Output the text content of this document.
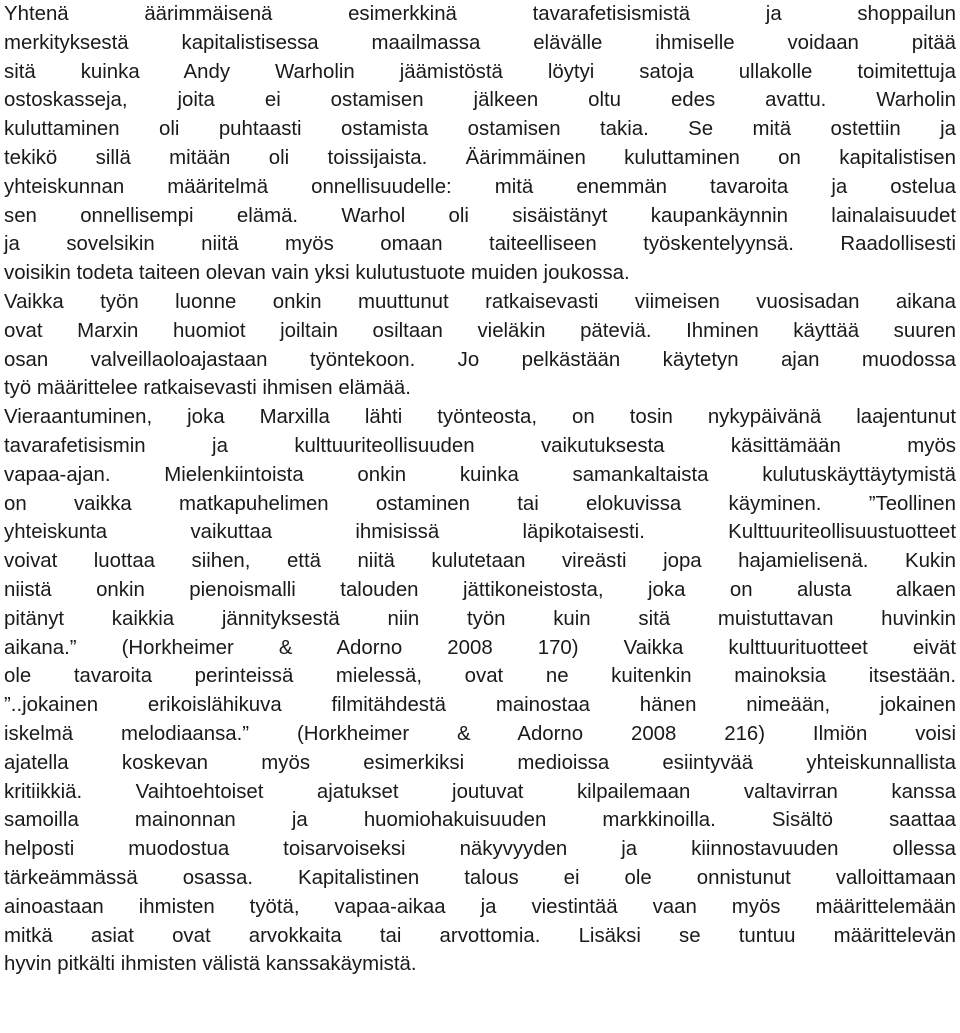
Yhtenä äärimmäisenä esimerkkinä tavarafetisismistä ja shoppailun
merkityksestä kapitalistisessa maailmassa elävälle ihmiselle voidaan pitää
sitä kuinka Andy Warholin jäämistöstä löytyi satoja ullakolle toimitettuja
ostoskasseja, joita ei ostamisen jälkeen oltu edes avattu. Warholin
kuluttaminen oli puhtaasti ostamista ostamisen takia. Se mitä ostettiin ja
tekikö sillä mitään oli toissijaista. Äärimmäinen kuluttaminen on kapitalistisen
yhteiskunnan määritelmä onnellisuudelle: mitä enemmän tavaroita ja ostelua
sen onnellisempi elämä. Warhol oli sisäistänyt kaupankäynnin lainalaisuudet
ja sovelsikin niitä myös omaan taiteelliseen työskentelyynsä. Raadollisesti
voisikin todeta taiteen olevan vain yksi kulutustuote muiden joukossa.
Vaikka työn luonne onkin muuttunut ratkaisevasti viimeisen vuosisadan aikana
ovat Marxin huomiot joiltain osiltaan vieläkin päteviä. Ihminen käyttää suuren
osan valveillaoloajastaan työntekoon. Jo pelkästään käytetyn ajan muodossa
työ määrittelee ratkaisevasti ihmisen elämää.
Vieraantuminen, joka Marxilla lähti työnteosta, on tosin nykypäivänä laajentunut
tavarafetisismin ja kulttuuriteollisuuden vaikutuksesta käsittämään myös
vapaa-ajan. Mielenkiintoista onkin kuinka samankaltaista kulutuskäyttäytymistä
on vaikka matkapuhelimen ostaminen tai elokuvissa käyminen. ”Teollinen
yhteiskunta vaikuttaa ihmisissä läpikotaisesti. Kulttuuriteollisuustuotteet
voivat luottaa siihen, että niitä kulutetaan vireästi jopa hajamielisenä. Kukin
niistä onkin pienoismalli talouden jättikoneistosta, joka on alusta alkaen
pitänyt kaikkia jännityksestä niin työn kuin sitä muistuttavan huvinkin
aikana.” (Horkheimer & Adorno 2008 170) Vaikka kulttuurituotteet eivät
ole tavaroita perinteissä mielessä, ovat ne kuitenkin mainoksia itsestään.
”..jokainen erikoislähikuva filmitähdestä mainostaa hänen nimeään, jokainen
iskelmä melodiaansa.” (Horkheimer & Adorno 2008 216) Ilmiön voisi
ajatella koskevan myös esimerkiksi medioissa esiintyvää yhteiskunnallista
kritiikkiä. Vaihtoehtoiset ajatukset joutuvat kilpailemaan valtavirran kanssa
samoilla mainonnan ja huomiohakuisuuden markkinoilla. Sisältö saattaa
helposti muodostua toisarvoiseksi näkyvyyden ja kiinnostavuuden ollessa
tärkeämmässä osassa. Kapitalistinen talous ei ole onnistunut valloittamaan
ainoastaan ihmisten työtä, vapaa-aikaa ja viestintää vaan myös määrittelemään
mitkä asiat ovat arvokkaita tai arvottomia. Lisäksi se tuntuu määrittelevän
hyvin pitkälti ihmisten välistä kanssakäymistä.
